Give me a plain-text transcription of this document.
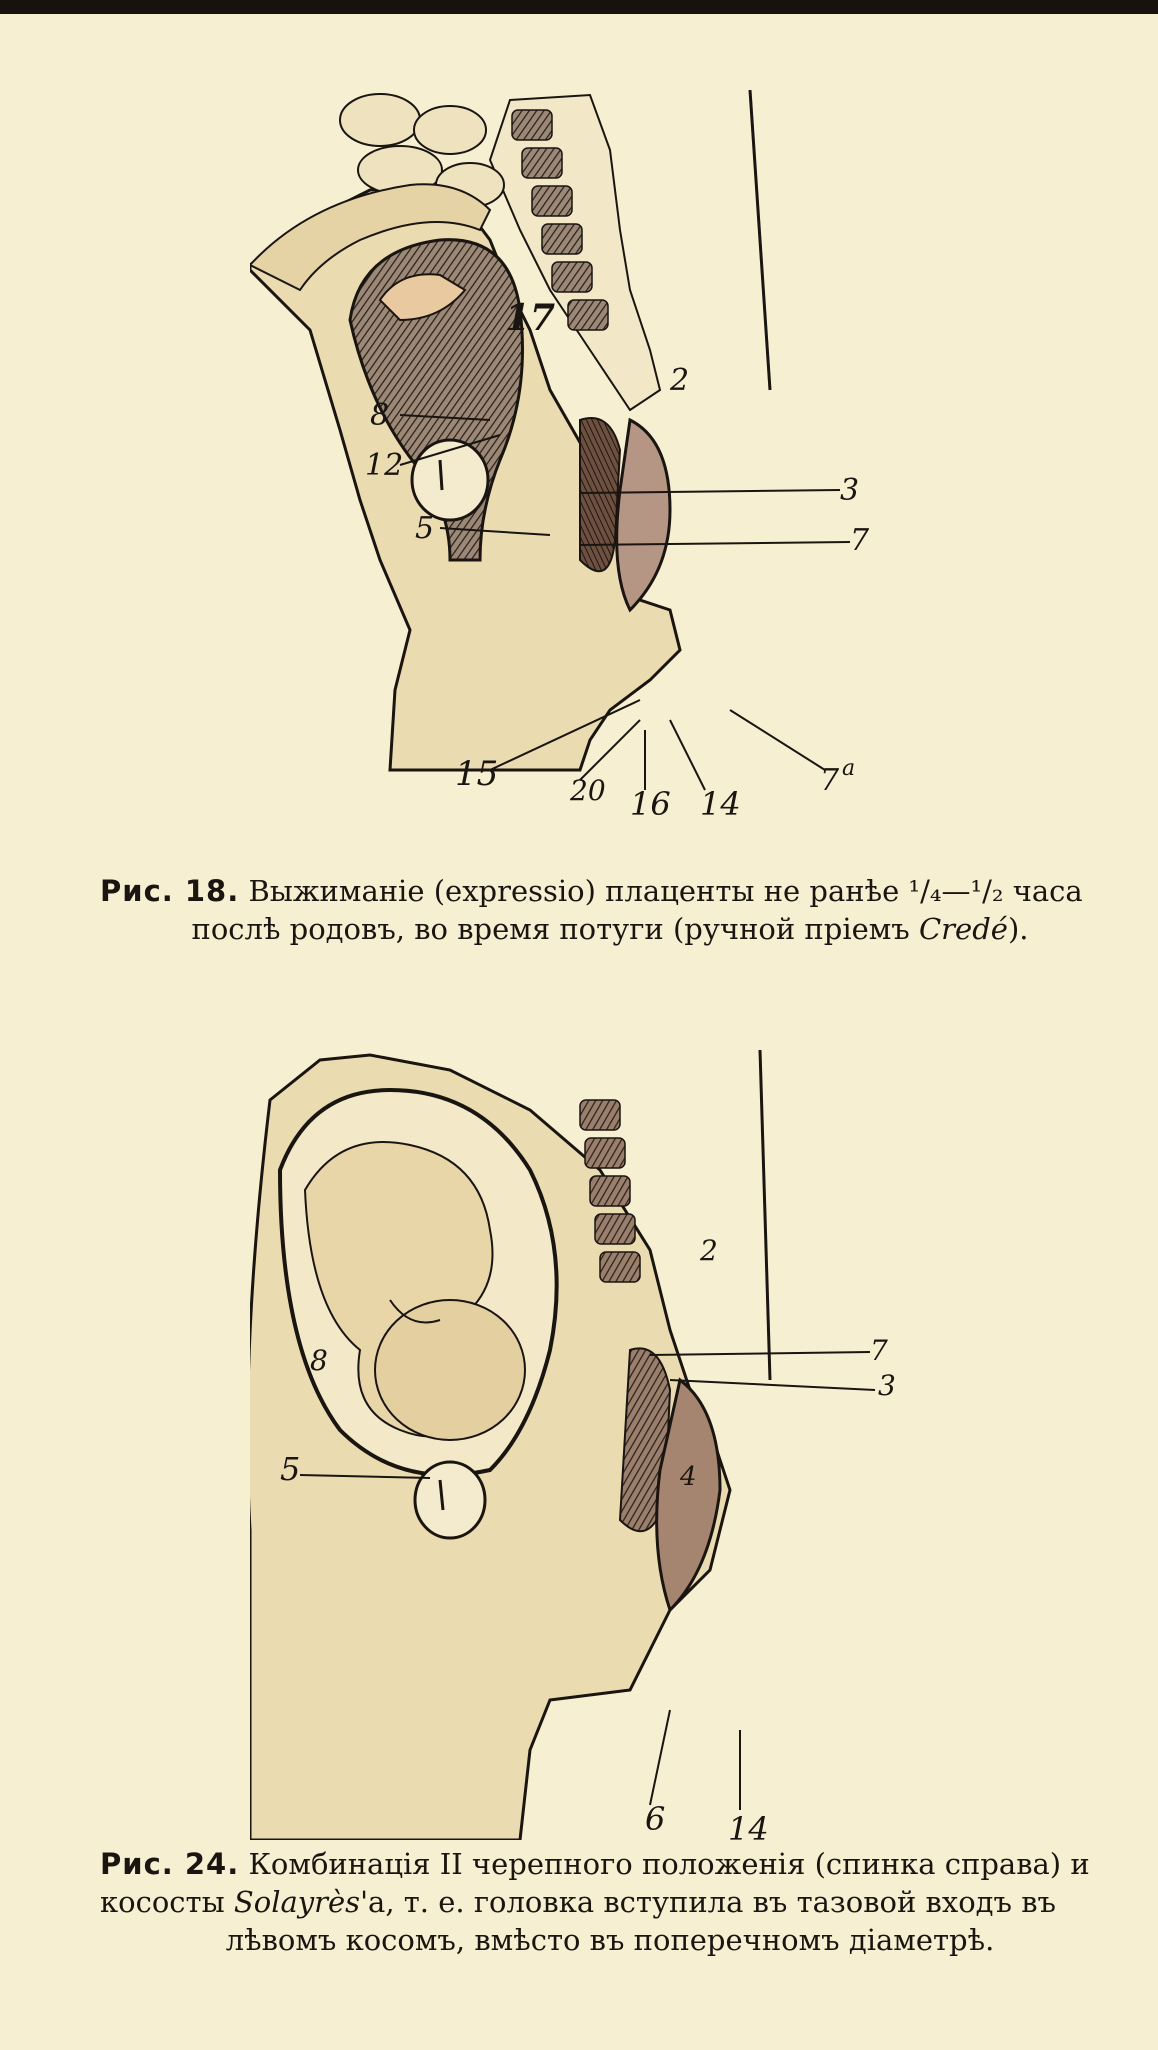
17
2
8
12
3
5	7
15	20 16 14
7 a
Рис. 18. Выжиманіе (expressio) плаценты не ранѣе ¹/₄—¹/₂ часа
послѣ родовъ, во время потуги (ручной пріемъ Credé).
2
7
8
3
5	4
6 14
Рис. 24. Комбинація II черепного положенія (спинка справа) и
кососты Solayrès'а, т. е. головка вступила въ тазовой входъ въ

лѣвомъ косомъ, вмѣсто въ поперечномъ діаметрѣ.
